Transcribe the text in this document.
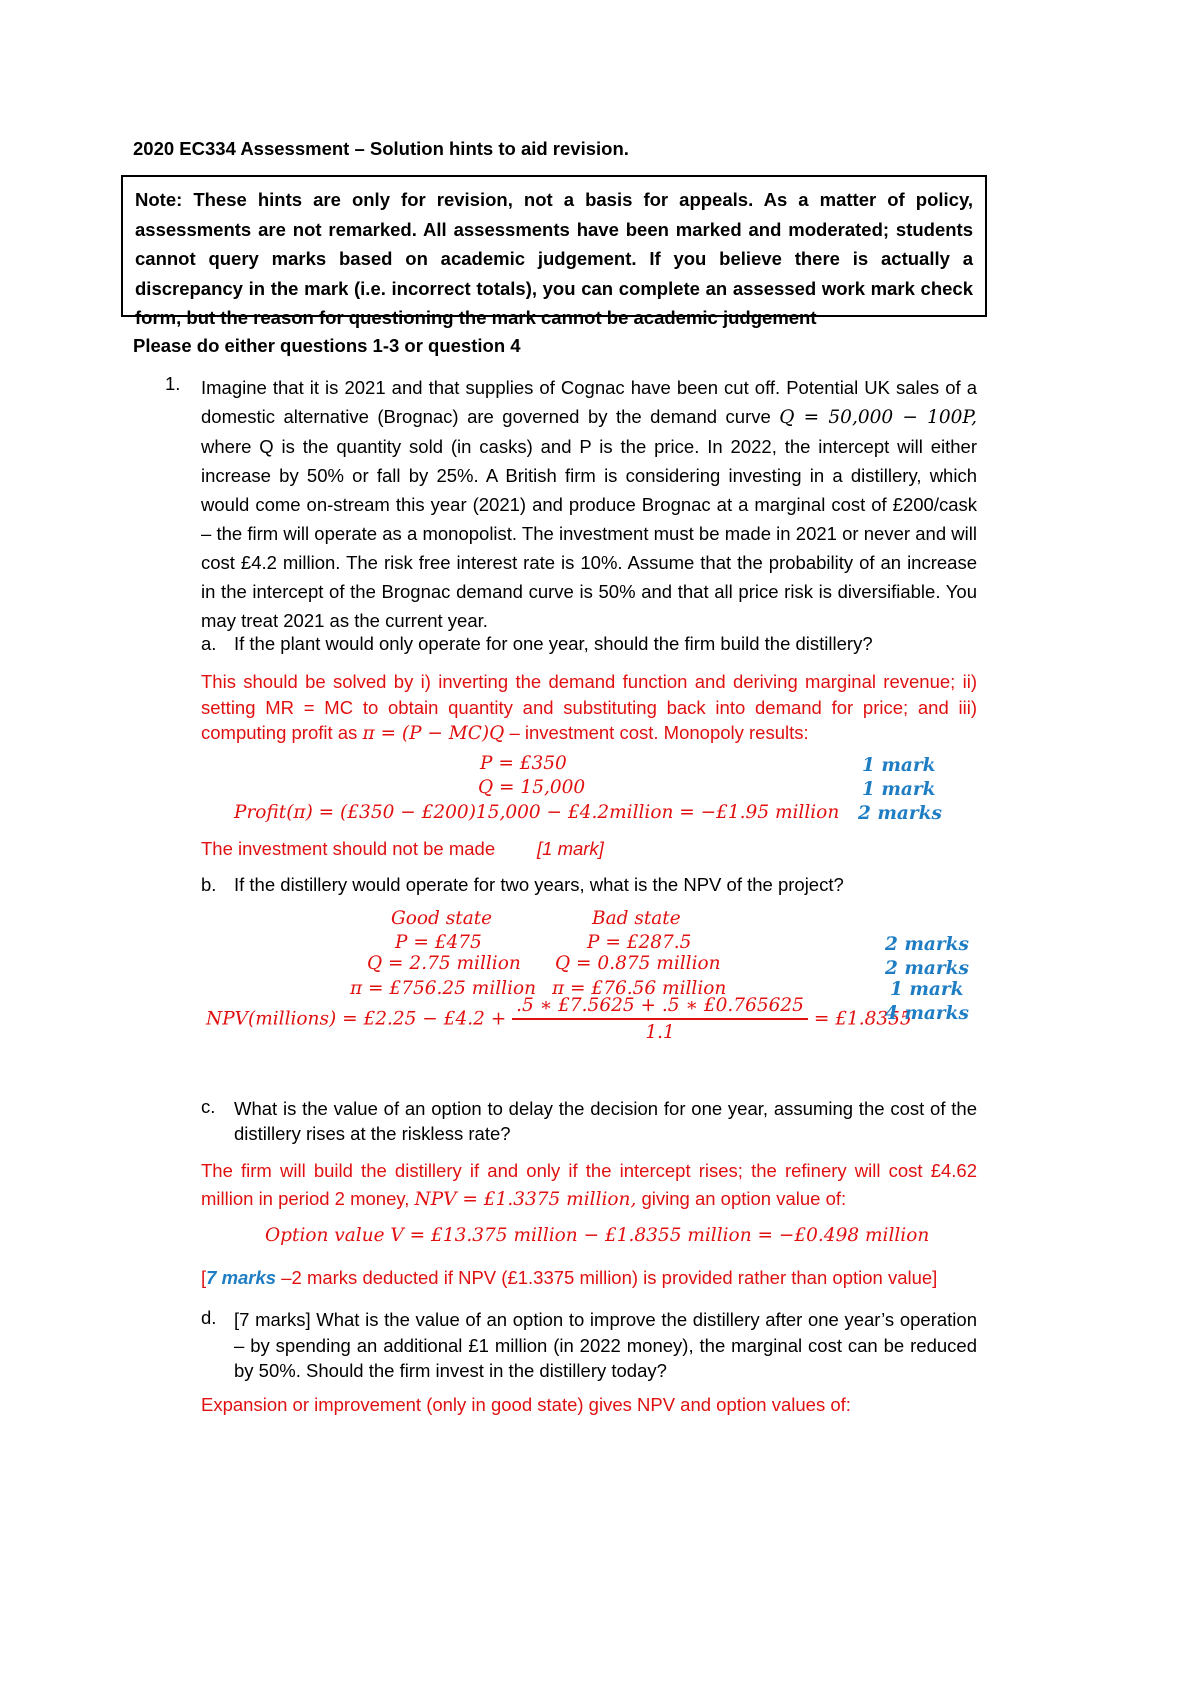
2020 EC334 Assessment – Solution hints to aid revision.
Note: These hints are only for revision, not a basis for appeals. As a matter of policy, assessments are not remarked. All assessments have been marked and moderated; students cannot query marks based on academic judgement. If you believe there is actually a discrepancy in the mark (i.e. incorrect totals), you can complete an assessed work mark check form, but the reason for questioning the mark cannot be academic judgement
Please do either questions 1-3 or question 4
1. Imagine that it is 2021 and that supplies of Cognac have been cut off. Potential UK sales of a domestic alternative (Brognac) are governed by the demand curve Q = 50,000 − 100P, where Q is the quantity sold (in casks) and P is the price. In 2022, the intercept will either increase by 50% or fall by 25%. A British firm is considering investing in a distillery, which would come on-stream this year (2021) and produce Brognac at a marginal cost of £200/cask – the firm will operate as a monopolist. The investment must be made in 2021 or never and will cost £4.2 million. The risk free interest rate is 10%. Assume that the probability of an increase in the intercept of the Brognac demand curve is 50% and that all price risk is diversifiable. You may treat 2021 as the current year.
a. If the plant would only operate for one year, should the firm build the distillery?
This should be solved by i) inverting the demand function and deriving marginal revenue; ii) setting MR = MC to obtain quantity and substituting back into demand for price; and iii) computing profit as π = (P − MC)Q – investment cost. Monopoly results:
P = £350
Q = 15,000
Profit(π) = (£350 − £200)15,000 − £4.2million = −£1.95 million
1 mark
1 mark
2 marks
The investment should not be made [1 mark]
b. If the distillery would operate for two years, what is the NPV of the project?
Good state	Bad state
P = £475	P = £287.5
Q = 2.75 million Q = 0.875 million
π = £756.25 million π = £76.56 million
NPV(millions) = £2.25 − £4.2 + $\frac{.5 ∗ £7.5625 + .5 ∗ £0.765625}{1.1}$ = £1.8355
2 marks
2 marks
1 mark
4 marks
c. What is the value of an option to delay the decision for one year, assuming the cost of the distillery rises at the riskless rate?
The firm will build the distillery if and only if the intercept rises; the refinery will cost £4.62 million in period 2 money, NPV = £1.3375 million, giving an option value of:
Option value V = £13.375 million − £1.8355 million = −£0.498 million
[7 marks –2 marks deducted if NPV (£1.3375 million) is provided rather than option value]
d. [7 marks] What is the value of an option to improve the distillery after one year’s operation – by spending an additional £1 million (in 2022 money), the marginal cost can be reduced by 50%. Should the firm invest in the distillery today?
Expansion or improvement (only in good state) gives NPV and option values of:
